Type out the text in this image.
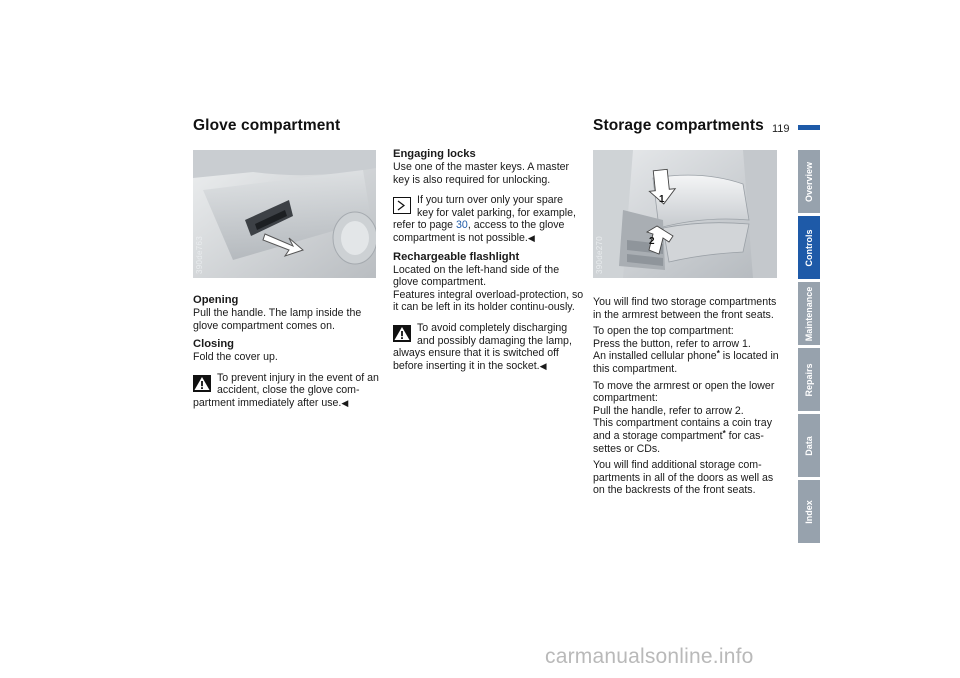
Glove compartment	Storage compartments 119
390de763
Opening

Pull the handle. The lamp inside the glove compartment comes on.

Closing

Fold the cover up.

To prevent injury in the event of an

accident, close the glove com-

partment immediately after use.◀

Engaging locks

Use one of the master keys. A master key is also required for unlocking.

If you turn over only your spare

key for valet parking, for example,

refer to page 30, access to the glove compartment is not possible.◀

Rechargeable flashlight

Located on the left-hand side of the glove compartment.

Features integral overload-protection, so it can be left in its holder continu-ously.

To avoid completely discharging

and possibly damaging the lamp,

always ensure that it is switched off before inserting it in the socket.◀

1
2
390de270

You will find two storage compartments in the armrest between the front seats.

To open the top compartment:

Press the button, refer to arrow 1.

An installed cellular phone* is located in this compartment.

To move the armrest or open the lower compartment:

Pull the handle, refer to arrow 2.

This compartment contains a coin tray and a storage compartment* for cas-settes or CDs.

You will find additional storage com-partments in all of the doors as well as on the backrests of the front seats.

Overview
Controls
Maintenance
Repairs
Data
Index
carmanualsonline.info
